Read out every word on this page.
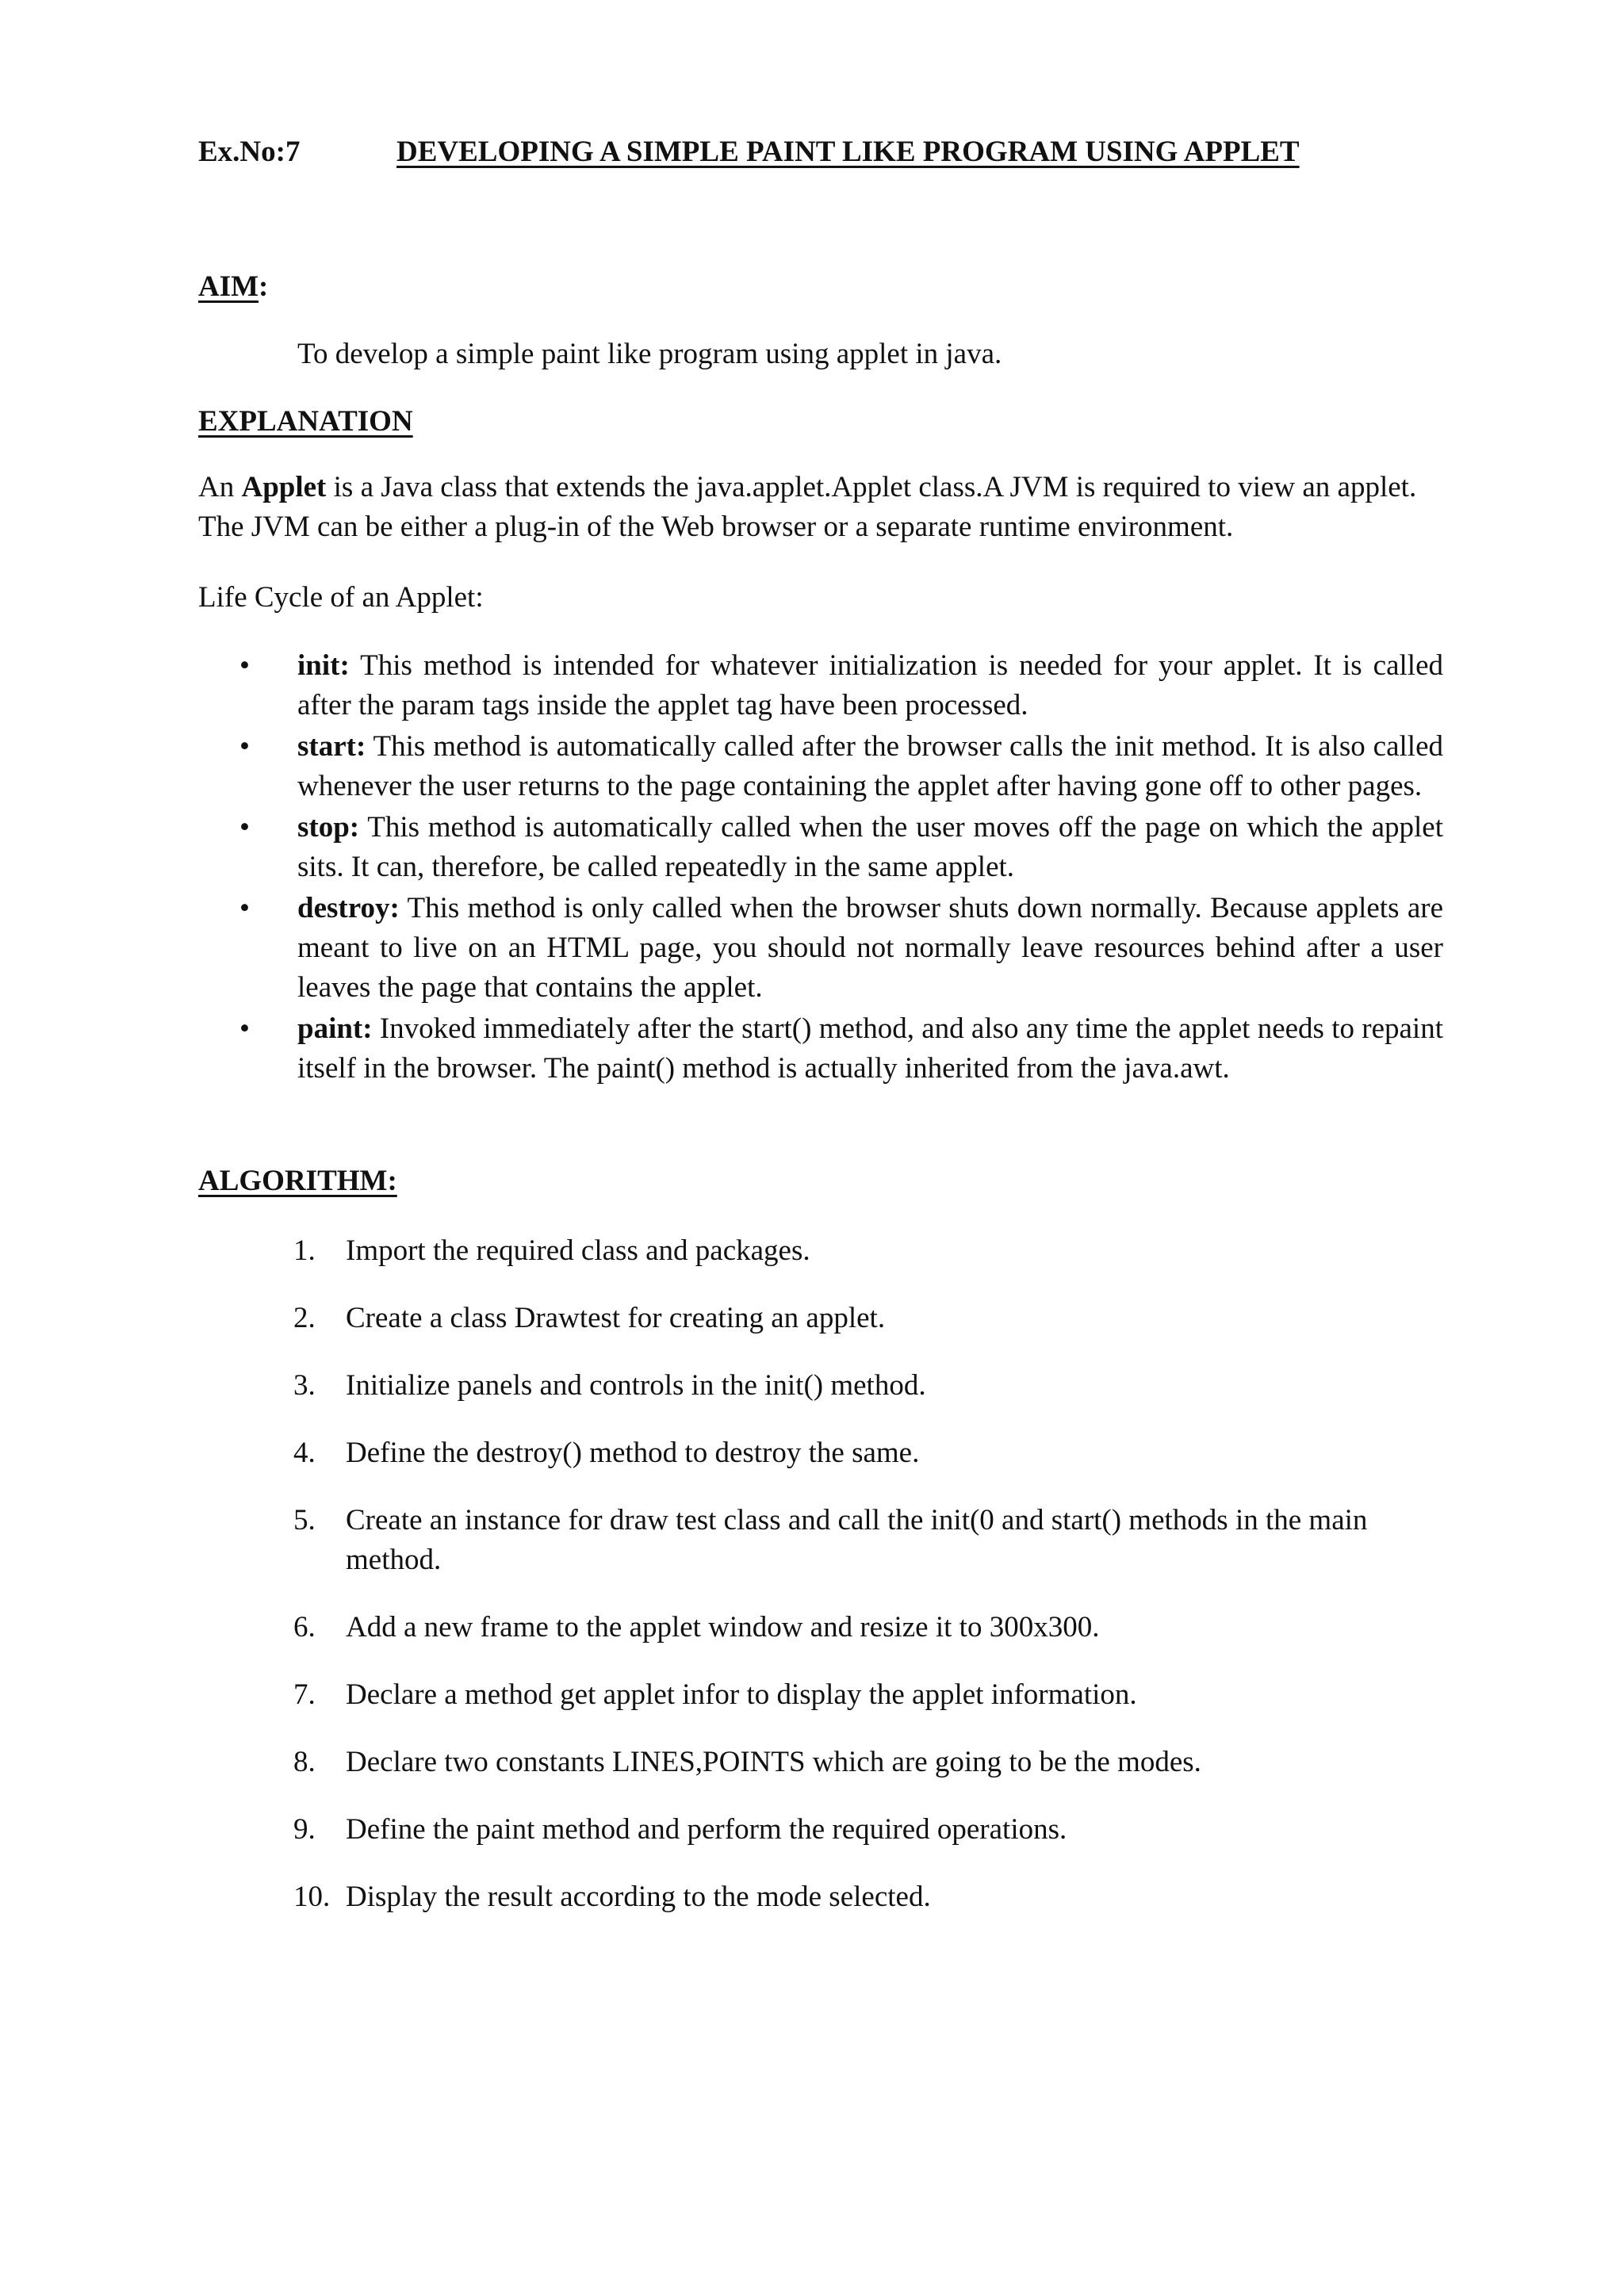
Ex.No:7	DEVELOPING A SIMPLE PAINT LIKE PROGRAM USING APPLET
AIM:
To develop a simple paint like program using applet in java.
EXPLANATION
An Applet is a Java class that extends the java.applet.Applet class.A JVM is required to view an applet. The JVM can be either a plug-in of the Web browser or a separate runtime environment.
Life Cycle of an Applet:
• init: This method is intended for whatever initialization is needed for your applet. It is called after the param tags inside the applet tag have been processed.
• start: This method is automatically called after the browser calls the init method. It is also called whenever the user returns to the page containing the applet after having gone off to other pages.
• stop: This method is automatically called when the user moves off the page on which the applet sits. It can, therefore, be called repeatedly in the same applet.
• destroy: This method is only called when the browser shuts down normally. Because applets are meant to live on an HTML page, you should not normally leave resources behind after a user leaves the page that contains the applet.
• paint: Invoked immediately after the start() method, and also any time the applet needs to repaint itself in the browser. The paint() method is actually inherited from the java.awt.
ALGORITHM:
1. Import the required class and packages.
2. Create a class Drawtest for creating an applet.
3. Initialize panels and controls in the init() method.
4. Define the destroy() method to destroy the same.
5. Create an instance for draw test class and call the init(0 and start() methods in the main method.
6. Add a new frame to the applet window and resize it to 300x300.
7. Declare a method get applet infor to display the applet information.
8. Declare two constants LINES,POINTS which are going to be the modes.
9. Define the paint method and perform the required operations.
10. Display the result according to the mode selected.
